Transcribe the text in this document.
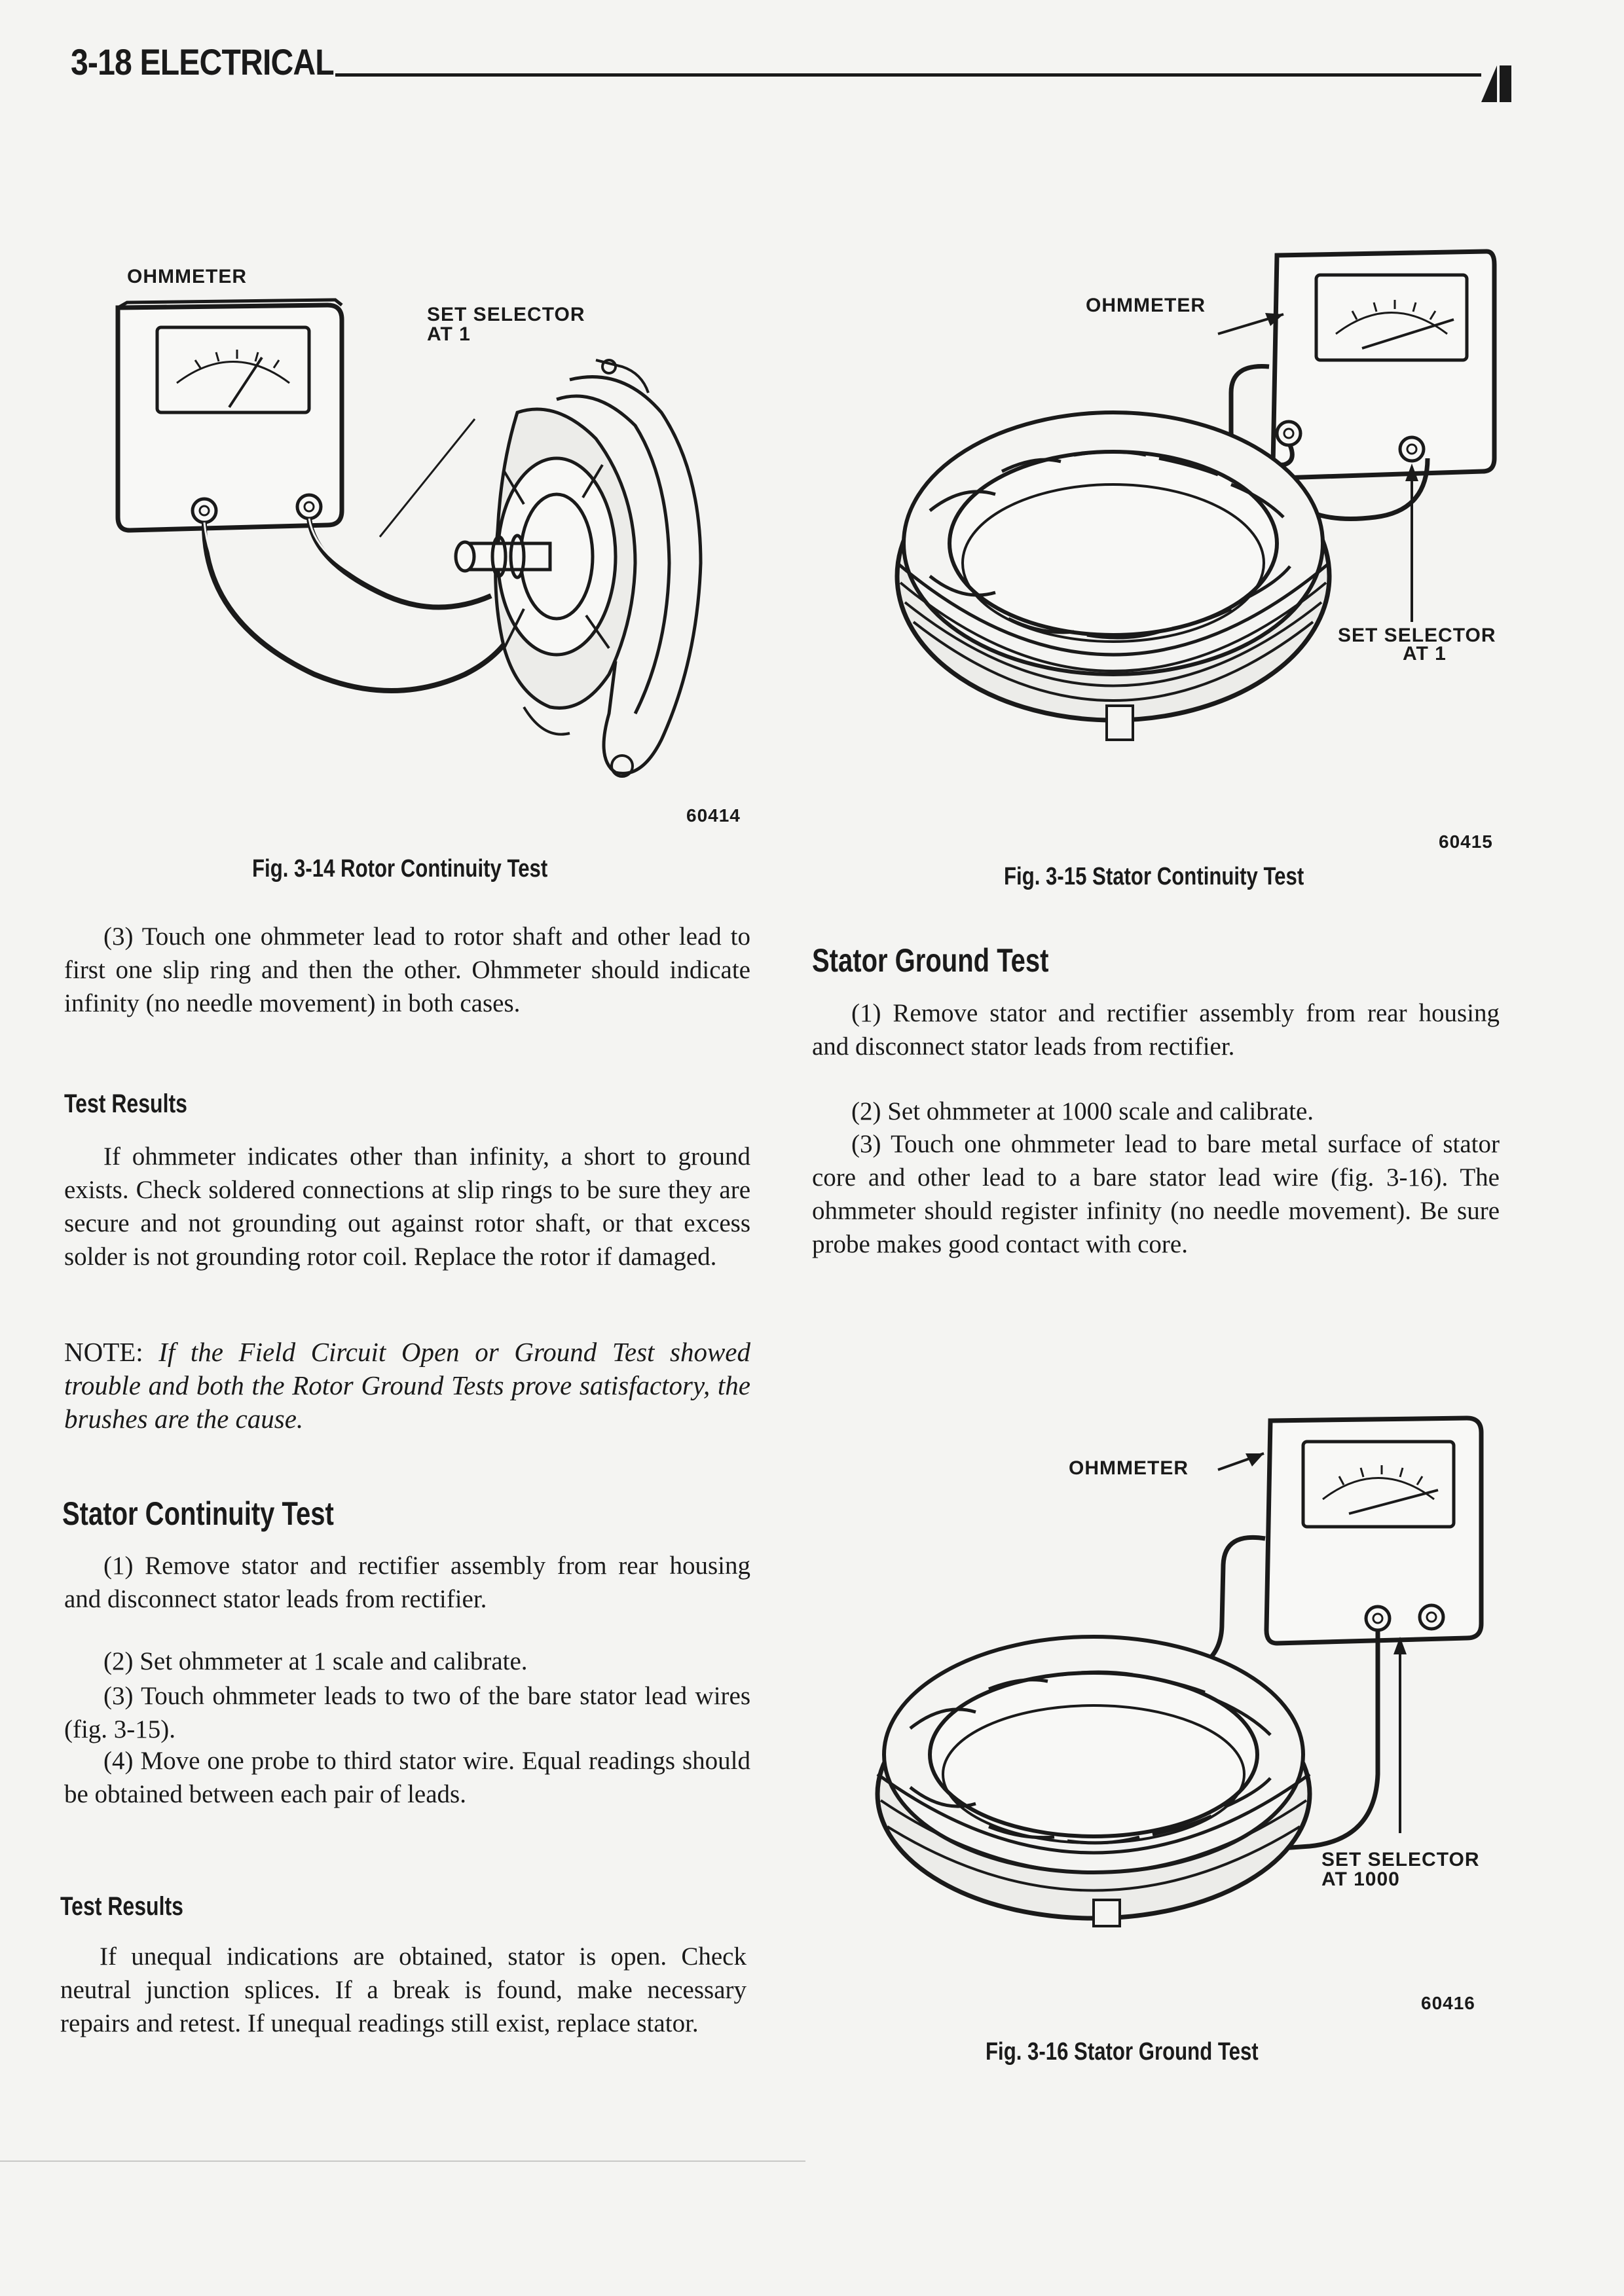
3-18 ELECTRICAL
OHMMETER
SET SELECTOR
AT 1
60414
Fig. 3-14 Rotor Continuity Test
OHMMETER
SET SELECTOR
AT 1
60415
Fig. 3-15 Stator Continuity Test

(3) Touch one ohmmeter lead to rotor shaft and other lead to first one slip ring and then the other. Ohmmeter should indicate infinity (no needle movement) in both cases.

Test Results

If ohmmeter indicates other than infinity, a short to ground exists. Check soldered connections at slip rings to be sure they are secure and not grounding out against rotor shaft, or that excess solder is not grounding rotor coil. Replace the rotor if damaged.

NOTE: If the Field Circuit Open or Ground Test showed trouble and both the Rotor Ground Tests prove satisfactory, the brushes are the cause.

Stator Continuity Test

(1) Remove stator and rectifier assembly from rear housing and disconnect stator leads from rectifier.

(2) Set ohmmeter at 1 scale and calibrate.

(3) Touch ohmmeter leads to two of the bare stator lead wires (fig. 3-15).

(4) Move one probe to third stator wire. Equal readings should be obtained between each pair of leads.

Test Results

If unequal indications are obtained, stator is open. Check neutral junction splices. If a break is found, make necessary repairs and retest. If unequal readings still exist, replace stator.

Stator Ground Test

(1) Remove stator and rectifier assembly from rear housing and disconnect stator leads from rectifier.

(2) Set ohmmeter at 1000 scale and calibrate.

(3) Touch one ohmmeter lead to bare metal surface of stator core and other lead to a bare stator lead wire (fig. 3-16). The ohmmeter should register infinity (no needle movement). Be sure probe makes good contact with core.

OHMMETER
SET SELECTOR
AT 1000
60416
Fig. 3-16 Stator Ground Test
